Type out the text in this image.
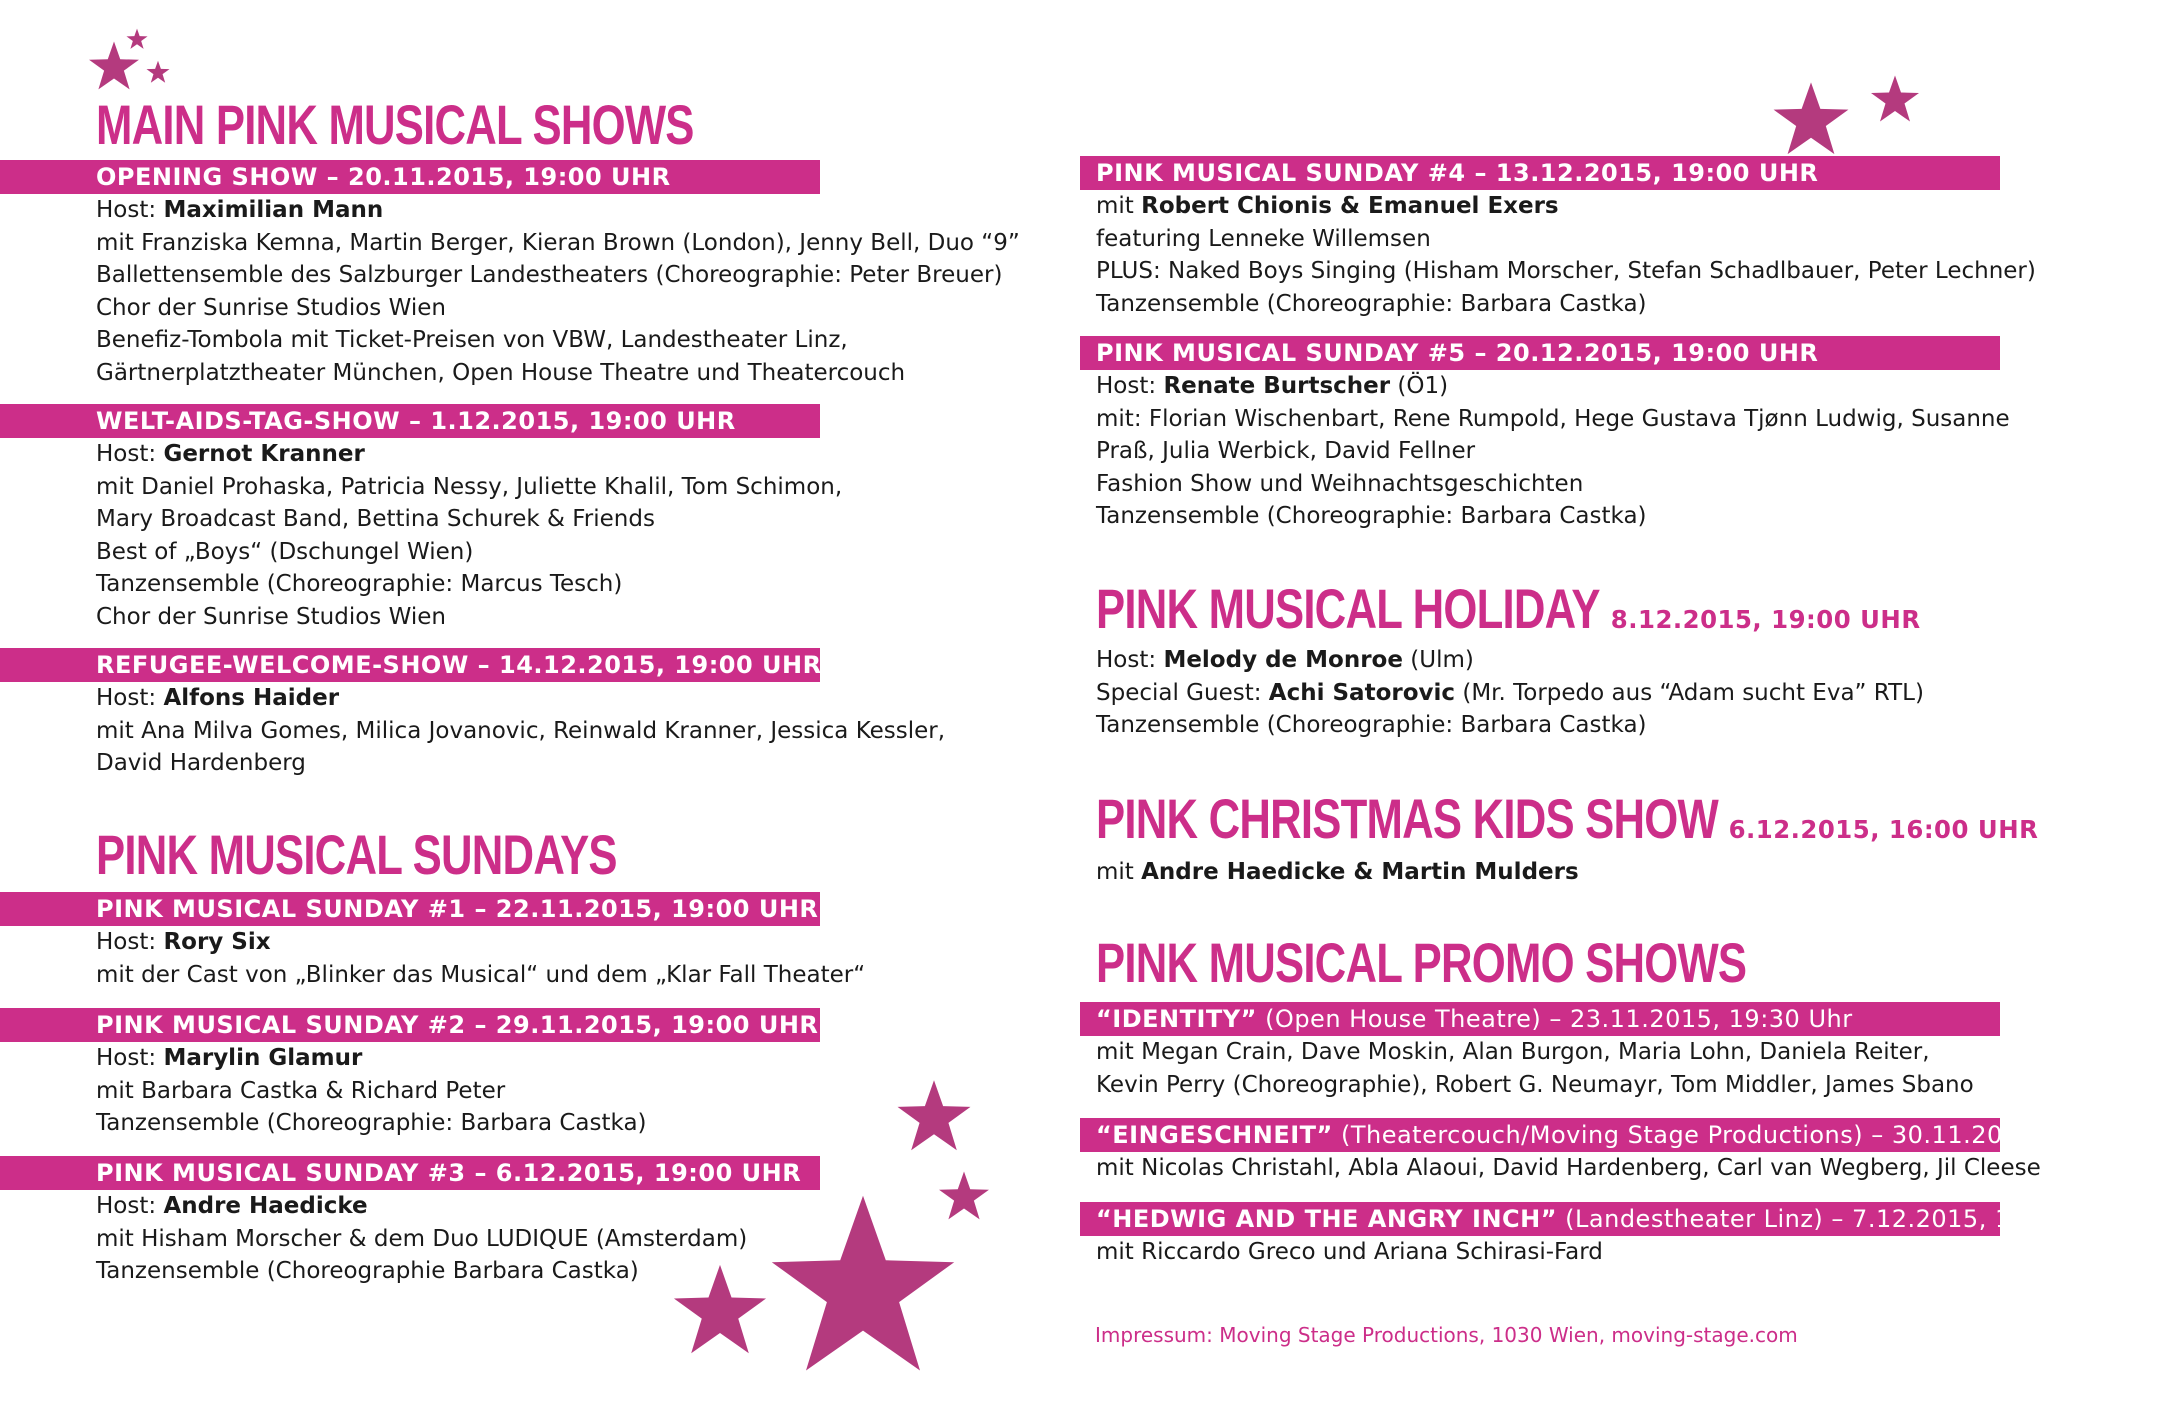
MAIN PINK MUSICAL SHOWS
OPENING SHOW – 20.11.2015, 19:00 UHR
Host: Maximilian Mann
mit Franziska Kemna, Martin Berger, Kieran Brown (London), Jenny Bell, Duo “9”
Ballettensemble des Salzburger Landestheaters (Choreographie: Peter Breuer)
Chor der Sunrise Studios Wien
Benefiz-Tombola mit Ticket-Preisen von VBW, Landestheater Linz,
Gärtnerplatztheater München, Open House Theatre und Theatercouch
WELT-AIDS-TAG-SHOW – 1.12.2015, 19:00 UHR
Host: Gernot Kranner
mit Daniel Prohaska, Patricia Nessy, Juliette Khalil, Tom Schimon,
Mary Broadcast Band, Bettina Schurek & Friends
Best of „Boys“ (Dschungel Wien)
Tanzensemble (Choreographie: Marcus Tesch)
Chor der Sunrise Studios Wien
REFUGEE-WELCOME-SHOW – 14.12.2015, 19:00 UHR
Host: Alfons Haider
mit Ana Milva Gomes, Milica Jovanovic, Reinwald Kranner, Jessica Kessler,
David Hardenberg
PINK MUSICAL SUNDAYS
PINK MUSICAL SUNDAY #1 – 22.11.2015, 19:00 UHR
Host: Rory Six
mit der Cast von „Blinker das Musical“ und dem „Klar Fall Theater“
PINK MUSICAL SUNDAY #2 – 29.11.2015, 19:00 UHR
Host: Marylin Glamur
mit Barbara Castka & Richard Peter
Tanzensemble (Choreographie: Barbara Castka)
PINK MUSICAL SUNDAY #3 – 6.12.2015, 19:00 UHR
Host: Andre Haedicke
mit Hisham Morscher & dem Duo LUDIQUE (Amsterdam)
Tanzensemble (Choreographie Barbara Castka)
PINK MUSICAL SUNDAY #4 – 13.12.2015, 19:00 UHR
mit Robert Chionis & Emanuel Exers
featuring Lenneke Willemsen
PLUS: Naked Boys Singing (Hisham Morscher, Stefan Schadlbauer, Peter Lechner)
Tanzensemble (Choreographie: Barbara Castka)
PINK MUSICAL SUNDAY #5 – 20.12.2015, 19:00 UHR
Host: Renate Burtscher (Ö1)
mit: Florian Wischenbart, Rene Rumpold, Hege Gustava Tjønn Ludwig, Susanne
Praß, Julia Werbick, David Fellner
Fashion Show und Weihnachtsgeschichten
Tanzensemble (Choreographie: Barbara Castka)
PINK MUSICAL HOLIDAY 8.12.2015, 19:00 UHR
Host: Melody de Monroe (Ulm)
Special Guest: Achi Satorovic (Mr. Torpedo aus “Adam sucht Eva” RTL)
Tanzensemble (Choreographie: Barbara Castka)
PINK CHRISTMAS KIDS SHOW 6.12.2015, 16:00 UHR
mit Andre Haedicke & Martin Mulders
PINK MUSICAL PROMO SHOWS
“IDENTITY” (Open House Theatre) – 23.11.2015, 19:30 Uhr
mit Megan Crain, Dave Moskin, Alan Burgon, Maria Lohn, Daniela Reiter,
Kevin Perry (Choreographie), Robert G. Neumayr, Tom Middler, James Sbano
“EINGESCHNEIT” (Theatercouch/Moving Stage Productions) – 30.11.2015, 19:30 Uhr
mit Nicolas Christahl, Abla Alaoui, David Hardenberg, Carl van Wegberg, Jil Cleese
“HEDWIG AND THE ANGRY INCH” (Landestheater Linz) – 7.12.2015, 19:30 Uhr
mit Riccardo Greco und Ariana Schirasi-Fard
Impressum: Moving Stage Productions, 1030 Wien, moving-stage.com
